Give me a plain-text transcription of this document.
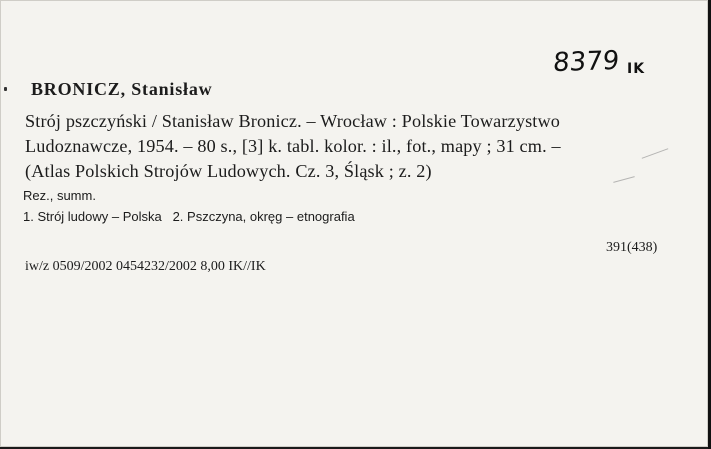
8379 IK
BRONICZ, Stanisław
Strój pszczyński / Stanisław Bronicz. – Wrocław : Polskie Towarzystwo
Ludoznawcze, 1954. – 80 s., [3] k. tabl. kolor. : il., fot., mapy ; 31 cm. –
(Atlas Polskich Strojów Ludowych. Cz. 3, Śląsk ; z. 2)
Rez., summ.
1. Strój ludowy – Polska   2. Pszczyna, okręg – etnografia
391(438)
iw/z 0509/2002 0454232/2002 8,00 IK//IK
